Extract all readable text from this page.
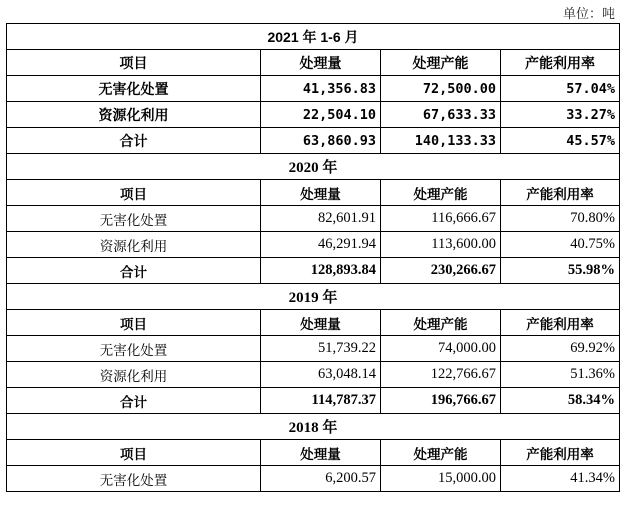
单位：吨
2021 年 1-6 月			
项目	处理量	处理产能	产能利用率
无害化处置	41,356.83	72,500.00	57.04%
资源化利用	22,504.10	67,633.33	33.27%
合计	63,860.93	140,133.33	45.57%
2020 年			
项目	处理量	处理产能	产能利用率
无害化处置	82,601.91	116,666.67	70.80%
资源化利用	46,291.94	113,600.00	40.75%
合计	128,893.84	230,266.67	55.98%
2019 年			
项目	处理量	处理产能	产能利用率
无害化处置	51,739.22	74,000.00	69.92%
资源化利用	63,048.14	122,766.67	51.36%
合计	114,787.37	196,766.67	58.34%
2018 年			
项目	处理量	处理产能	产能利用率
无害化处置	6,200.57	15,000.00	41.34%
